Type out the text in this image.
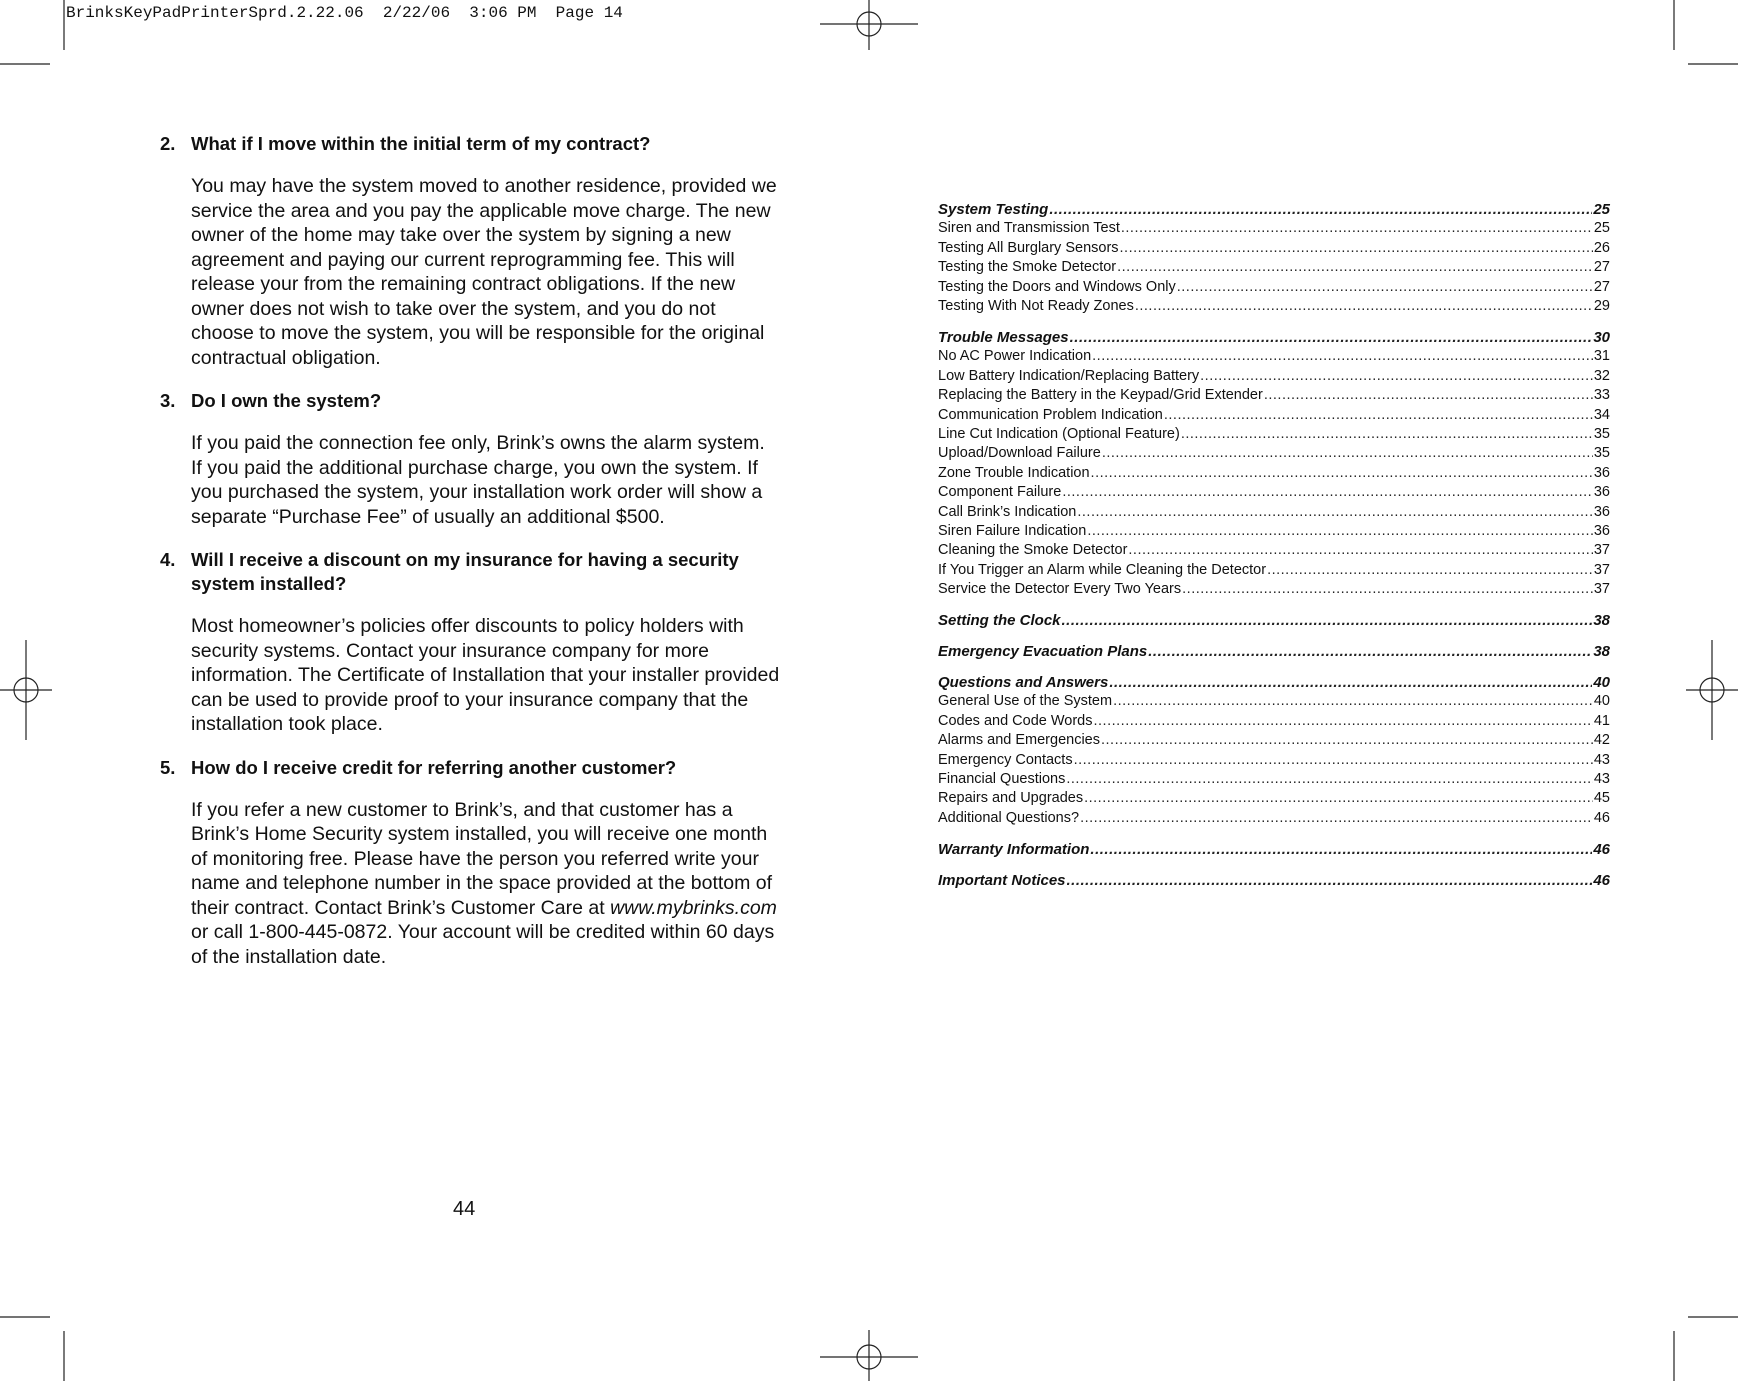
BrinksKeyPadPrinterSprd.2.22.06  2/22/06  3:06 PM  Page 14
2. What if I move within the initial term of my contract?
You may have the system moved to another residence, provided we service the area and you pay the applicable move charge. The new owner of the home may take over the system by signing a new agreement and paying our current reprogramming fee. This will release your from the remaining contract obligations. If the new owner does not wish to take over the system, and you do not choose to move the system, you will be responsible for the original contractual obligation.
3. Do I own the system?
If you paid the connection fee only, Brink’s owns the alarm system. If you paid the additional purchase charge, you own the system. If you purchased the system, your installation work order will show a separate “Purchase Fee” of usually an additional $500.
4. Will I receive a discount on my insurance for having a security system installed?
Most homeowner’s policies offer discounts to policy holders with security systems. Contact your insurance company for more information. The Certificate of Installation that your installer provided can be used to provide proof to your insurance company that the installation took place.
5. How do I receive credit for referring another customer?
If you refer a new customer to Brink’s, and that customer has a Brink’s Home Security system installed, you will receive one month of monitoring free. Please have the person you referred write your name and telephone number in the space provided at the bottom of their contract. Contact Brink’s Customer Care at www.mybrinks.com or call 1-800-445-0872. Your account will be credited within 60 days of the installation date.
44
System Testing .....	25
Siren and Transmission Test .....	25
Testing All Burglary Sensors .....	26
Testing the Smoke Detector .....	27
Testing the Doors and Windows Only .....	27
Testing With Not Ready Zones .....	29
Trouble Messages .....	30
No AC Power Indication .....	31
Low Battery Indication/Replacing Battery .....	32
Replacing the Battery in the Keypad/Grid Extender .....	33
Communication Problem Indication .....	34
Line Cut Indication (Optional Feature) .....	35
Upload/Download Failure .....	35
Zone Trouble Indication .....	36
Component Failure .....	36
Call Brink’s Indication .....	36
Siren Failure Indication .....	36
Cleaning the Smoke Detector .....	37
If You Trigger an Alarm while Cleaning the Detector .....	37
Service the Detector Every Two Years .....	37
Setting the Clock .....	38
Emergency Evacuation Plans .....	38
Questions and Answers .....	40
General Use of the System .....	40
Codes and Code Words .....	41
Alarms and Emergencies .....	42
Emergency Contacts .....	43
Financial Questions .....	43
Repairs and Upgrades .....	45
Additional Questions? .....	46
Warranty Information .....	46
Important Notices .....	46
